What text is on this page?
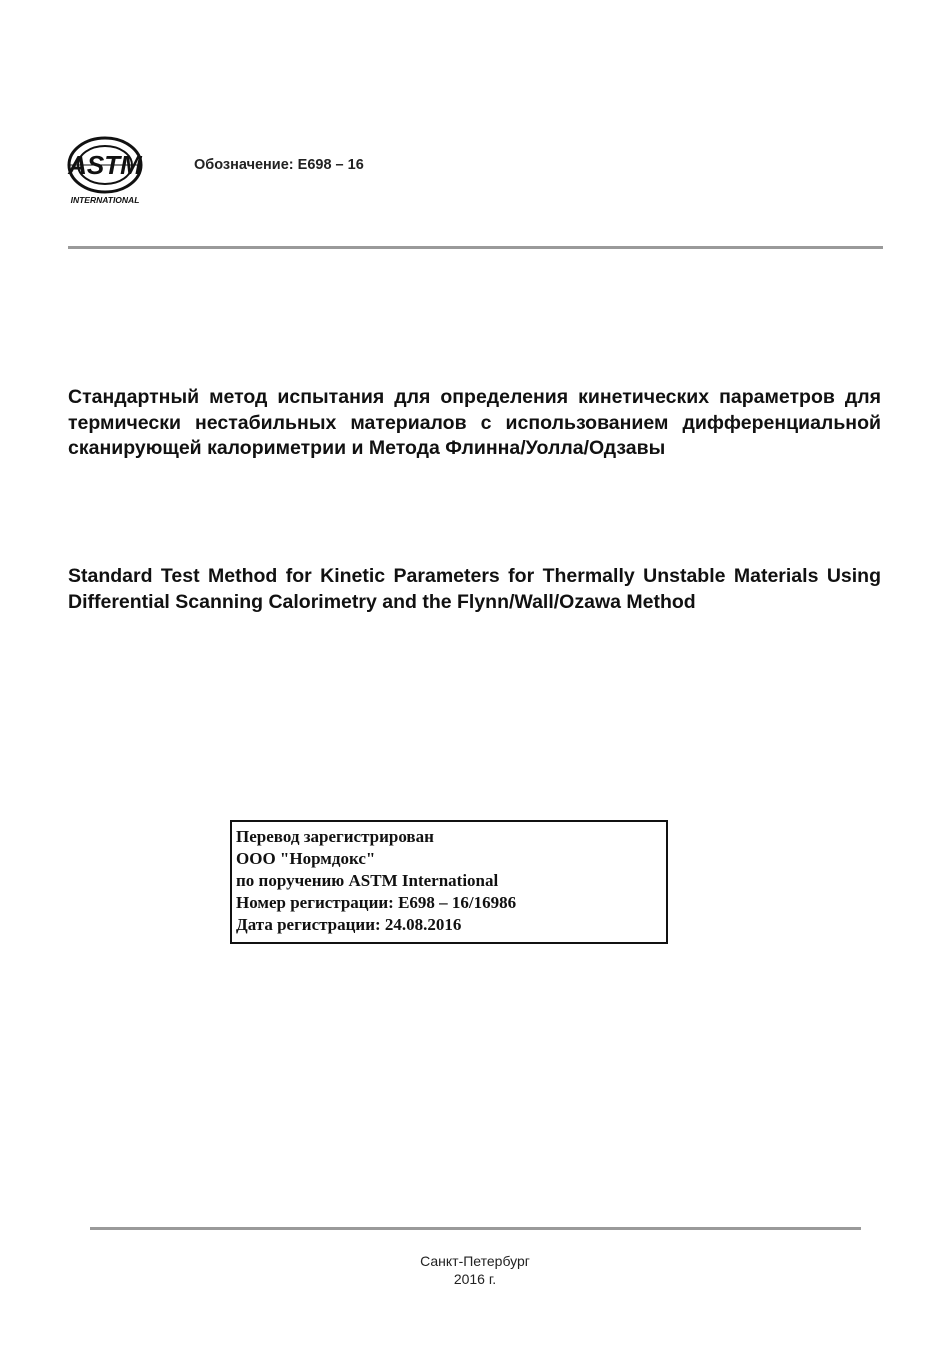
ASTM
INTERNATIONAL
Обозначение: E698 – 16
Стандартный метод испытания для определения кинетических параметров для термически нестабильных материалов с использованием дифференциальной сканирующей калориметрии и Метода Флинна/Уолла/Одзавы
Standard Test Method for Kinetic Parameters for Thermally Unstable Materials Using Differential Scanning Calorimetry and the Flynn/Wall/Ozawa Method
Перевод зарегистрирован
ООО "Нормдокс"
по поручению ASTM International
Номер регистрации: E698 – 16/16986
Дата регистрации: 24.08.2016
Санкт-Петербург
2016 г.
